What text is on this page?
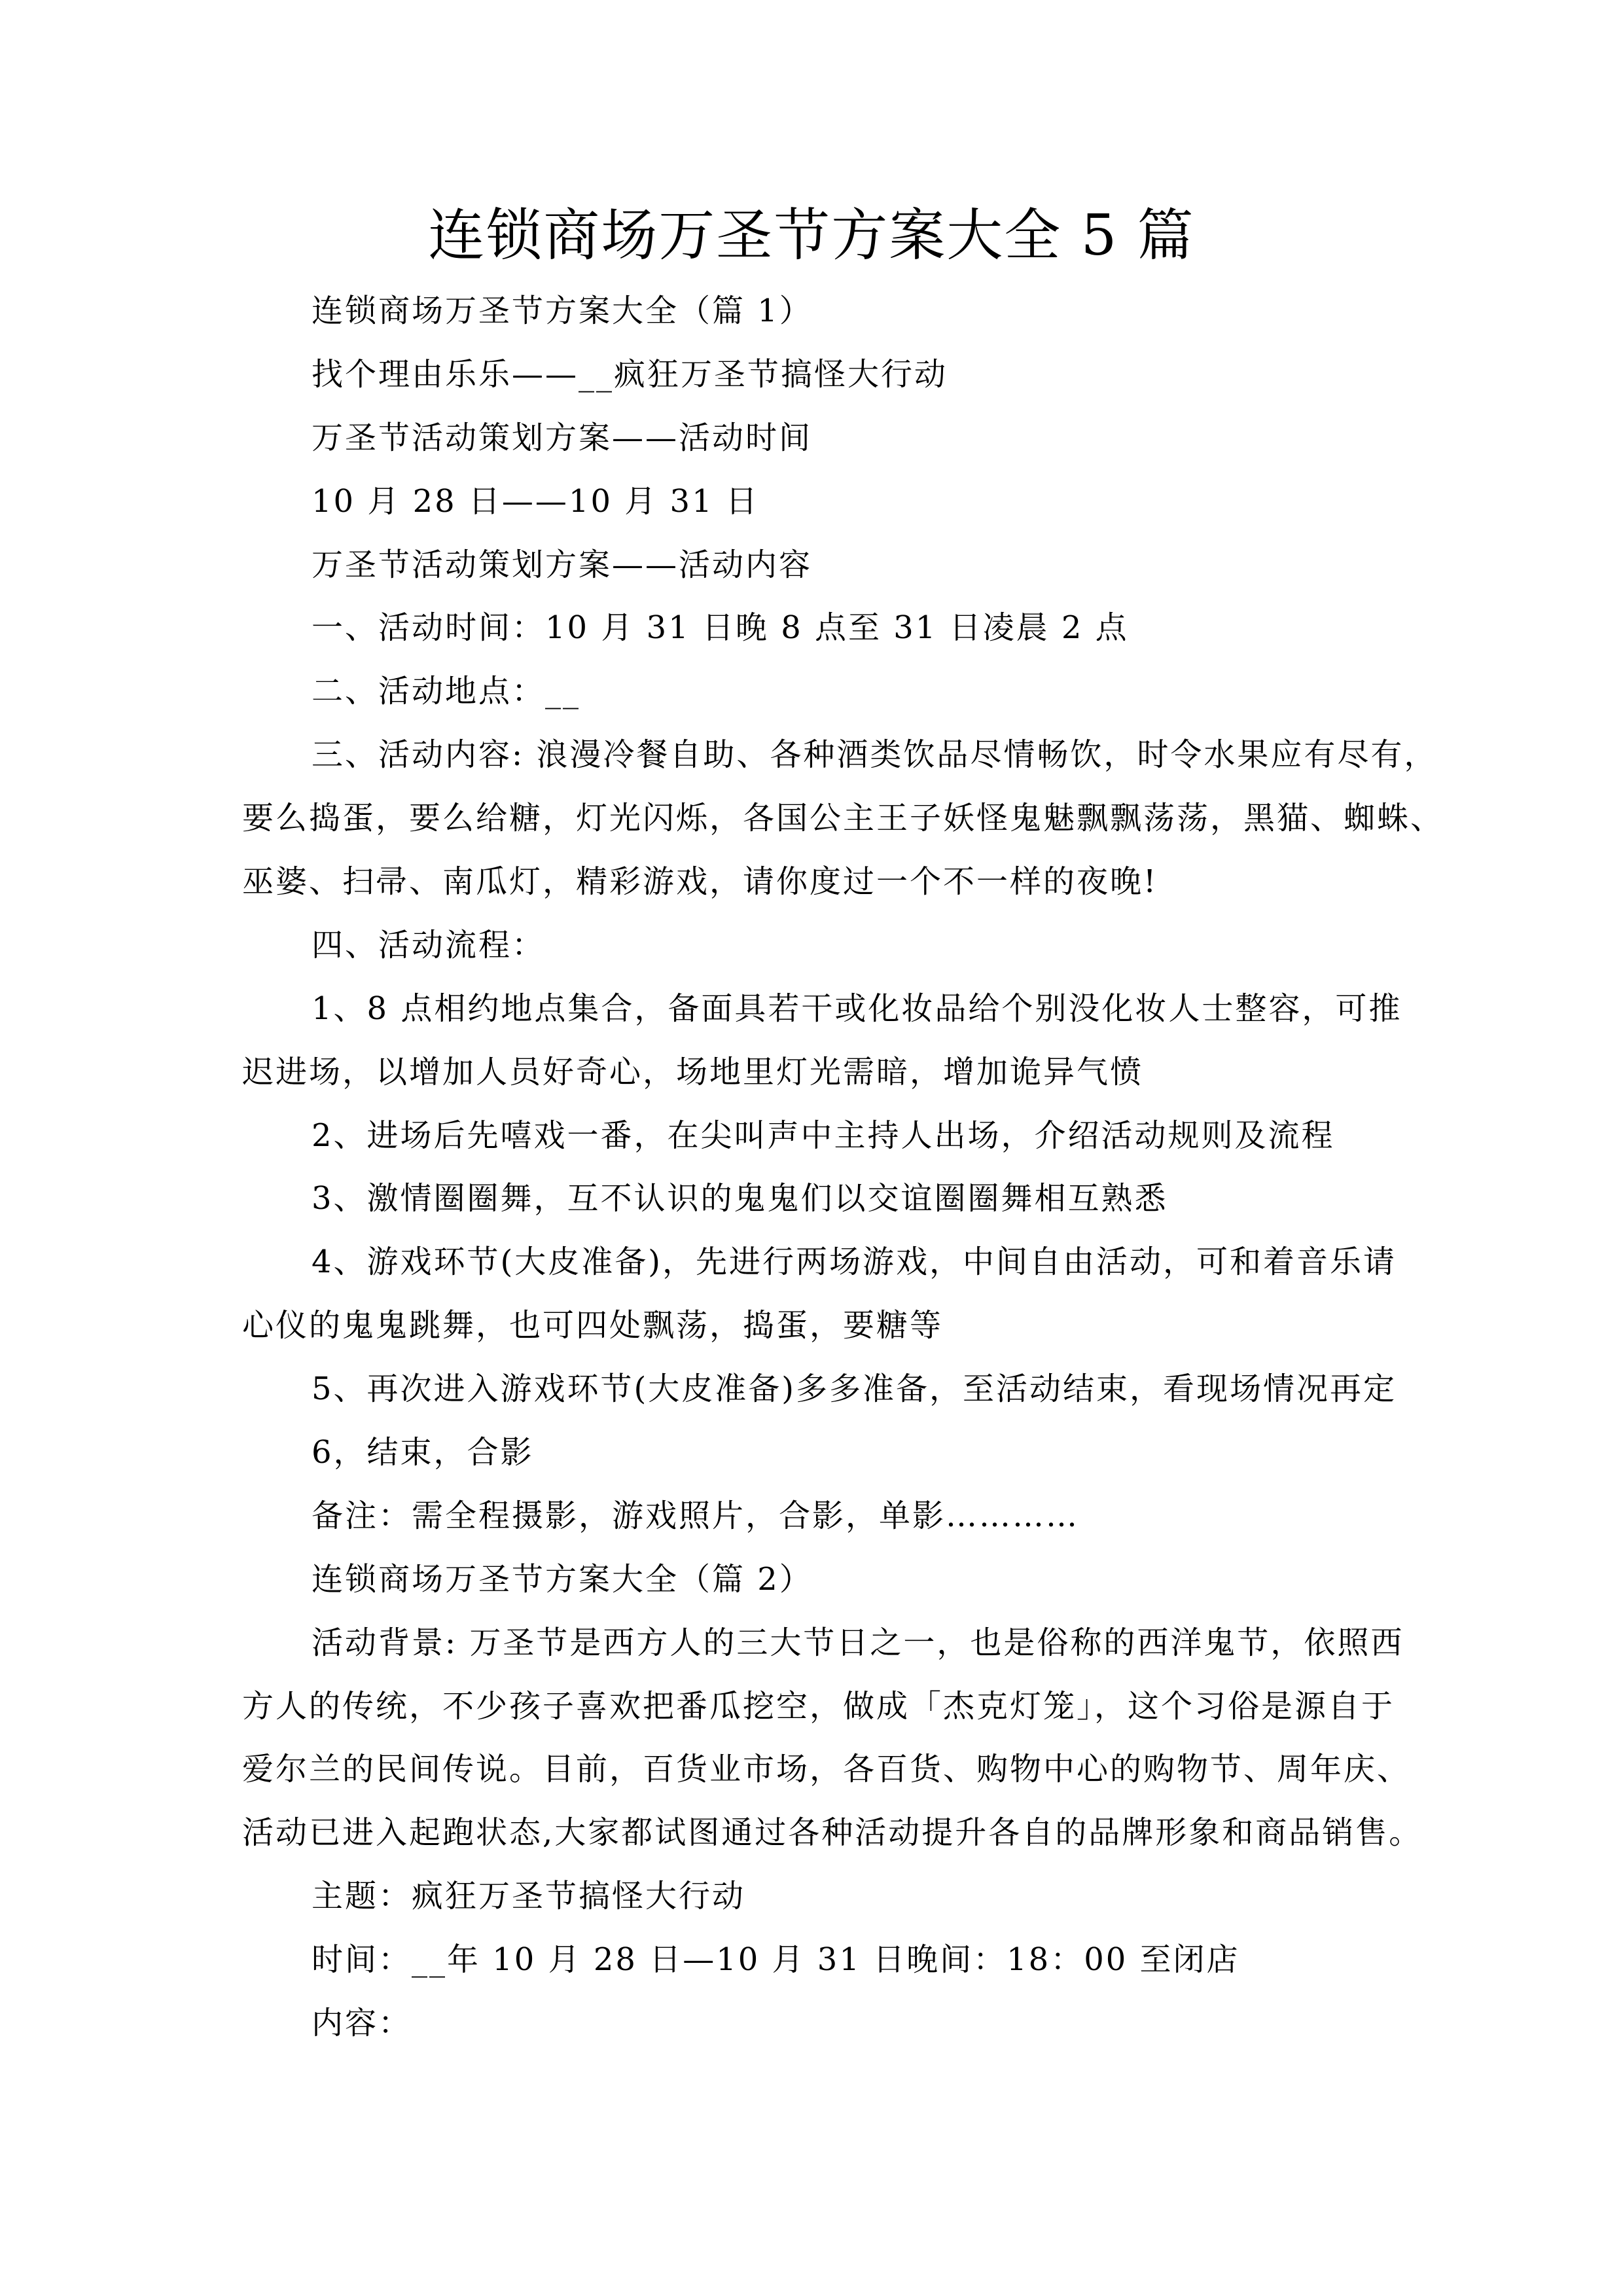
连锁商场万圣节方案大全 5 篇

连锁商场万圣节方案大全（篇 1）

找个理由乐乐——__疯狂万圣节搞怪大行动

万圣节活动策划方案——活动时间

10 月 28 日——10 月 31 日

万圣节活动策划方案——活动内容

一、活动时间：10 月 31 日晚 8 点至 31 日凌晨 2 点

二、活动地点：__

三、活动内容: 浪漫冷餐自助、各种酒类饮品尽情畅饮，时令水果应有尽有，
要么捣蛋，要么给糖，灯光闪烁，各国公主王子妖怪鬼魅飘飘荡荡，黑猫、蜘蛛、
巫婆、扫帚、南瓜灯，精彩游戏，请你度过一个不一样的夜晚!

四、活动流程：

1、8 点相约地点集合，备面具若干或化妆品给个别没化妆人士整容，可推
迟进场，以增加人员好奇心，场地里灯光需暗，增加诡异气愤

2、进场后先嘻戏一番，在尖叫声中主持人出场，介绍活动规则及流程

3、激情圈圈舞，互不认识的鬼鬼们以交谊圈圈舞相互熟悉

4、游戏环节(大皮准备)，先进行两场游戏，中间自由活动，可和着音乐请
心仪的鬼鬼跳舞，也可四处飘荡，捣蛋，要糖等

5、再次进入游戏环节(大皮准备)多多准备，至活动结束，看现场情况再定

6，结束，合影

备注：需全程摄影，游戏照片，合影，单影…………

连锁商场万圣节方案大全（篇 2）

活动背景: 万圣节是西方人的三大节日之一，也是俗称的西洋鬼节，依照西
方人的传统，不少孩子喜欢把番瓜挖空，做成「杰克灯笼」，这个习俗是源自于
爱尔兰的民间传说。目前，百货业市场，各百货、购物中心的购物节、周年庆、
活动已进入起跑状态,大家都试图通过各种活动提升各自的品牌形象和商品销售。

主题：疯狂万圣节搞怪大行动

时间：__年 10 月 28 日—10 月 31 日晚间：18：00 至闭店

内容：
